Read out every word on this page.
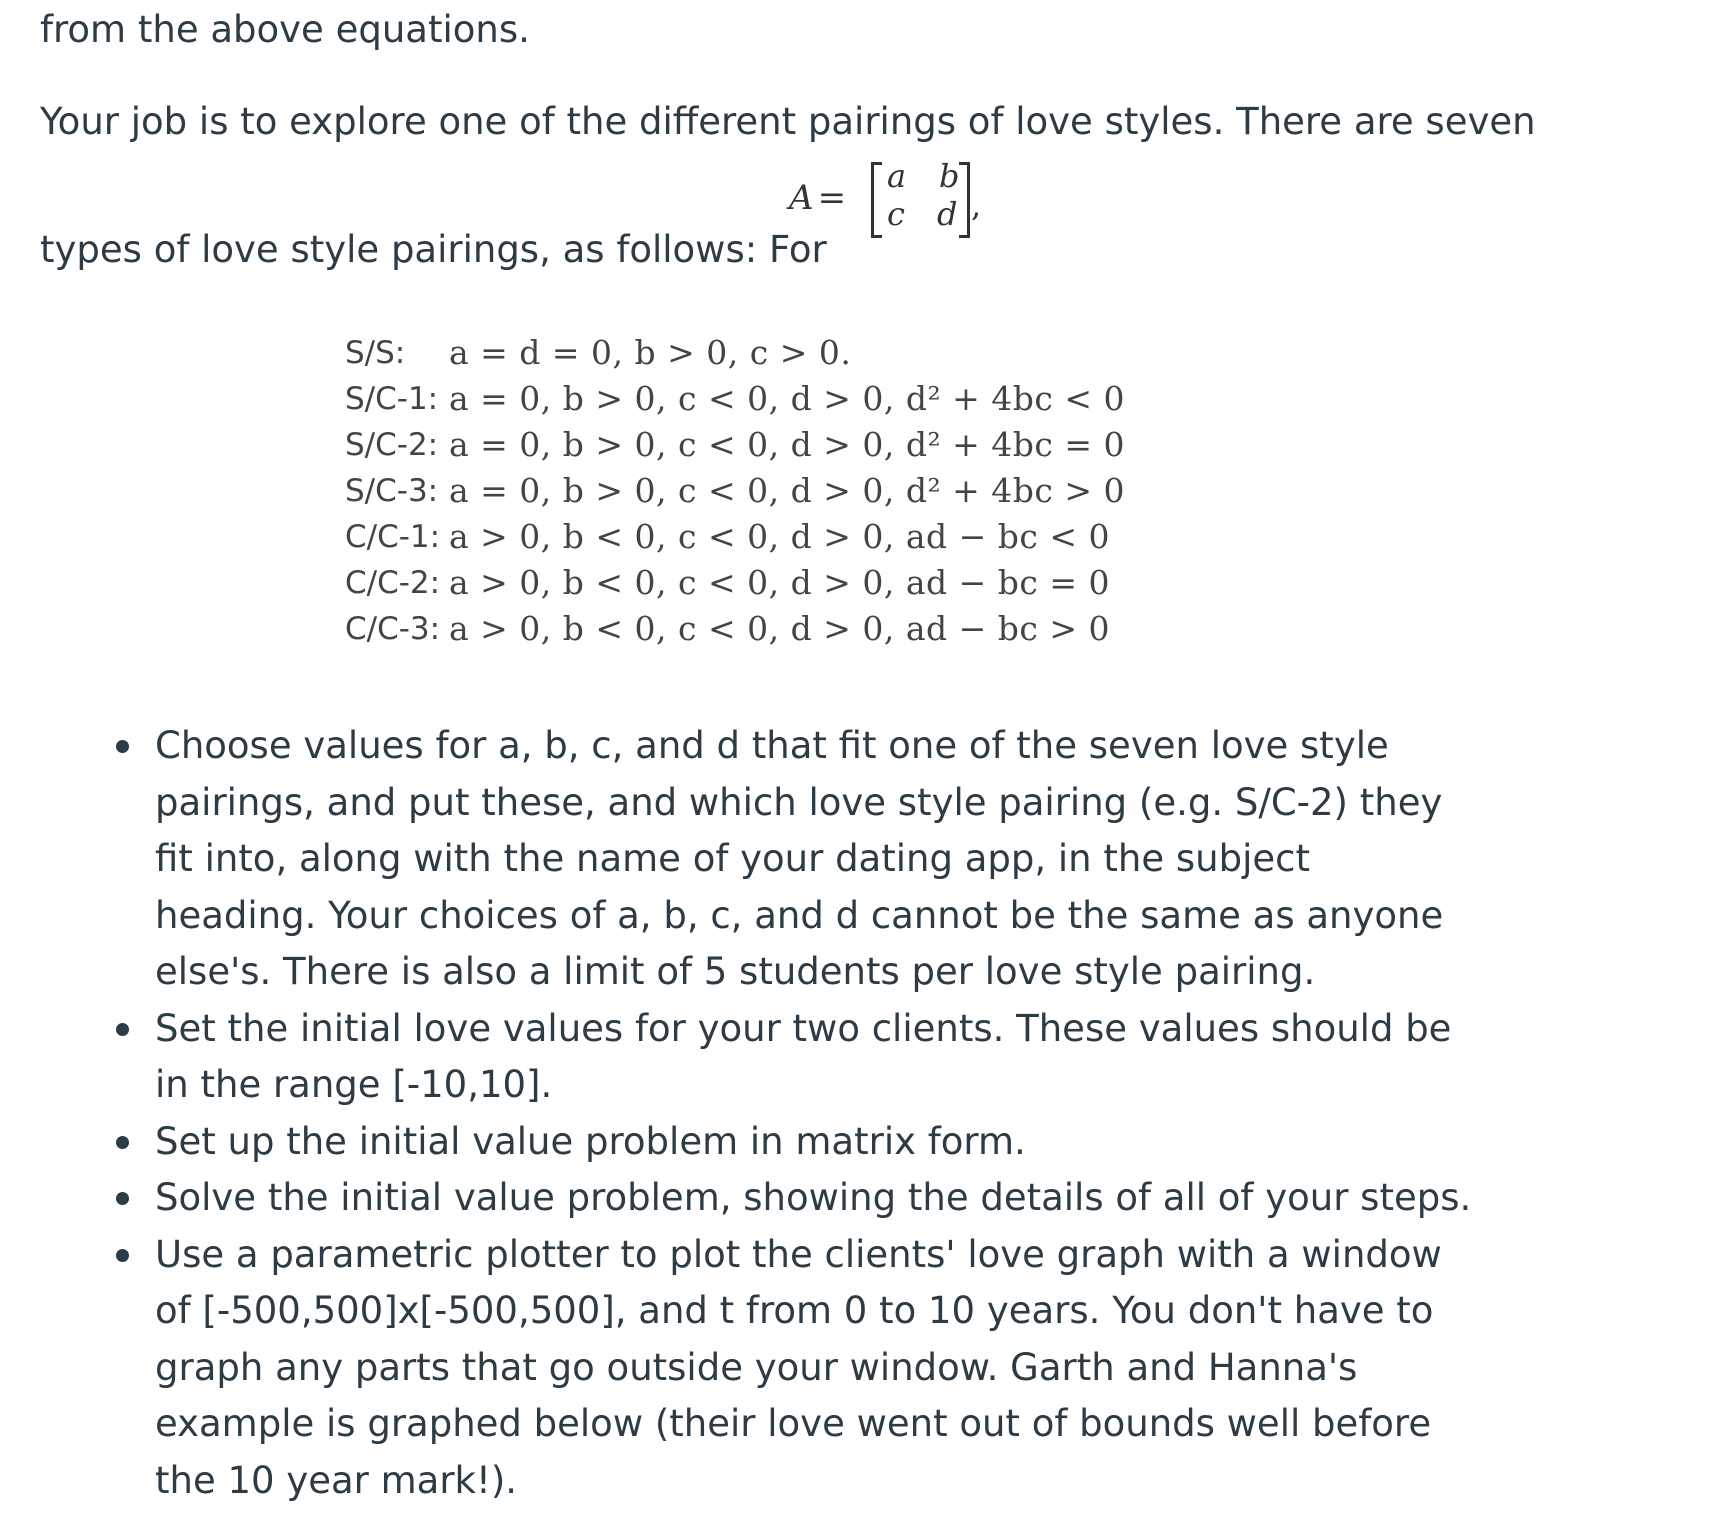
from the above equations.
Your job is to explore one of the different pairings of love styles. There are seven
A =
a b
c d ,
types of love style pairings, as follows: For
S/S: a = d = 0, b > 0, c > 0.
S/C-1: a = 0, b > 0, c < 0, d > 0, d² + 4bc < 0
S/C-2: a = 0, b > 0, c < 0, d > 0, d² + 4bc = 0
S/C-3: a = 0, b > 0, c < 0, d > 0, d² + 4bc > 0
C/C-1: a > 0, b < 0, c < 0, d > 0, ad − bc < 0
C/C-2: a > 0, b < 0, c < 0, d > 0, ad − bc = 0
C/C-3: a > 0, b < 0, c < 0, d > 0, ad − bc > 0
Choose values for a, b, c, and d that fit one of the seven love style pairings, and put these, and which love style pairing (e.g. S/C-2) they fit into, along with the name of your dating app, in the subject heading. Your choices of a, b, c, and d cannot be the same as anyone else's. There is also a limit of 5 students per love style pairing.
Set the initial love values for your two clients. These values should be in the range [-10,10].
Set up the initial value problem in matrix form.
Solve the initial value problem, showing the details of all of your steps.
Use a parametric plotter to plot the clients' love graph with a window of [-500,500]x[-500,500], and t from 0 to 10 years. You don't have to graph any parts that go outside your window. Garth and Hanna's example is graphed below (their love went out of bounds well before the 10 year mark!).
